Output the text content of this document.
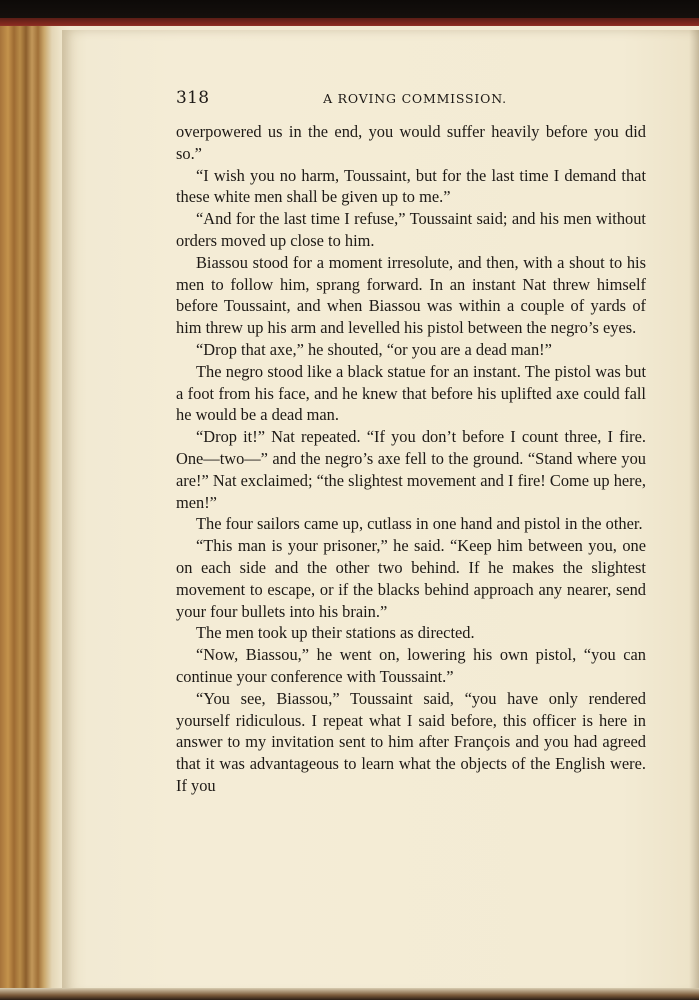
318	A ROVING COMMISSION.

overpowered us in the end, you would suffer heavily before you did so.”

“I wish you no harm, Toussaint, but for the last time I demand that these white men shall be given up to me.”

“And for the last time I refuse,” Toussaint said; and his men without orders moved up close to him.

Biassou stood for a moment irresolute, and then, with a shout to his men to follow him, sprang forward. In an instant Nat threw himself before Toussaint, and when Biassou was within a couple of yards of him threw up his arm and levelled his pistol between the negro’s eyes.

“Drop that axe,” he shouted, “or you are a dead man!”

The negro stood like a black statue for an instant. The pistol was but a foot from his face, and he knew that before his uplifted axe could fall he would be a dead man.

“Drop it!” Nat repeated. “If you don’t before I count three, I fire. One—two—” and the negro’s axe fell to the ground. “Stand where you are!” Nat exclaimed; “the slightest movement and I fire! Come up here, men!”

The four sailors came up, cutlass in one hand and pistol in the other.

“This man is your prisoner,” he said. “Keep him between you, one on each side and the other two behind. If he makes the slightest movement to escape, or if the blacks behind approach any nearer, send your four bullets into his brain.”

The men took up their stations as directed.

“Now, Biassou,” he went on, lowering his own pistol, “you can continue your conference with Toussaint.”

“You see, Biassou,” Toussaint said, “you have only rendered yourself ridiculous. I repeat what I said before, this officer is here in answer to my invitation sent to him after François and you had agreed that it was advantageous to learn what the objects of the English were. If you
